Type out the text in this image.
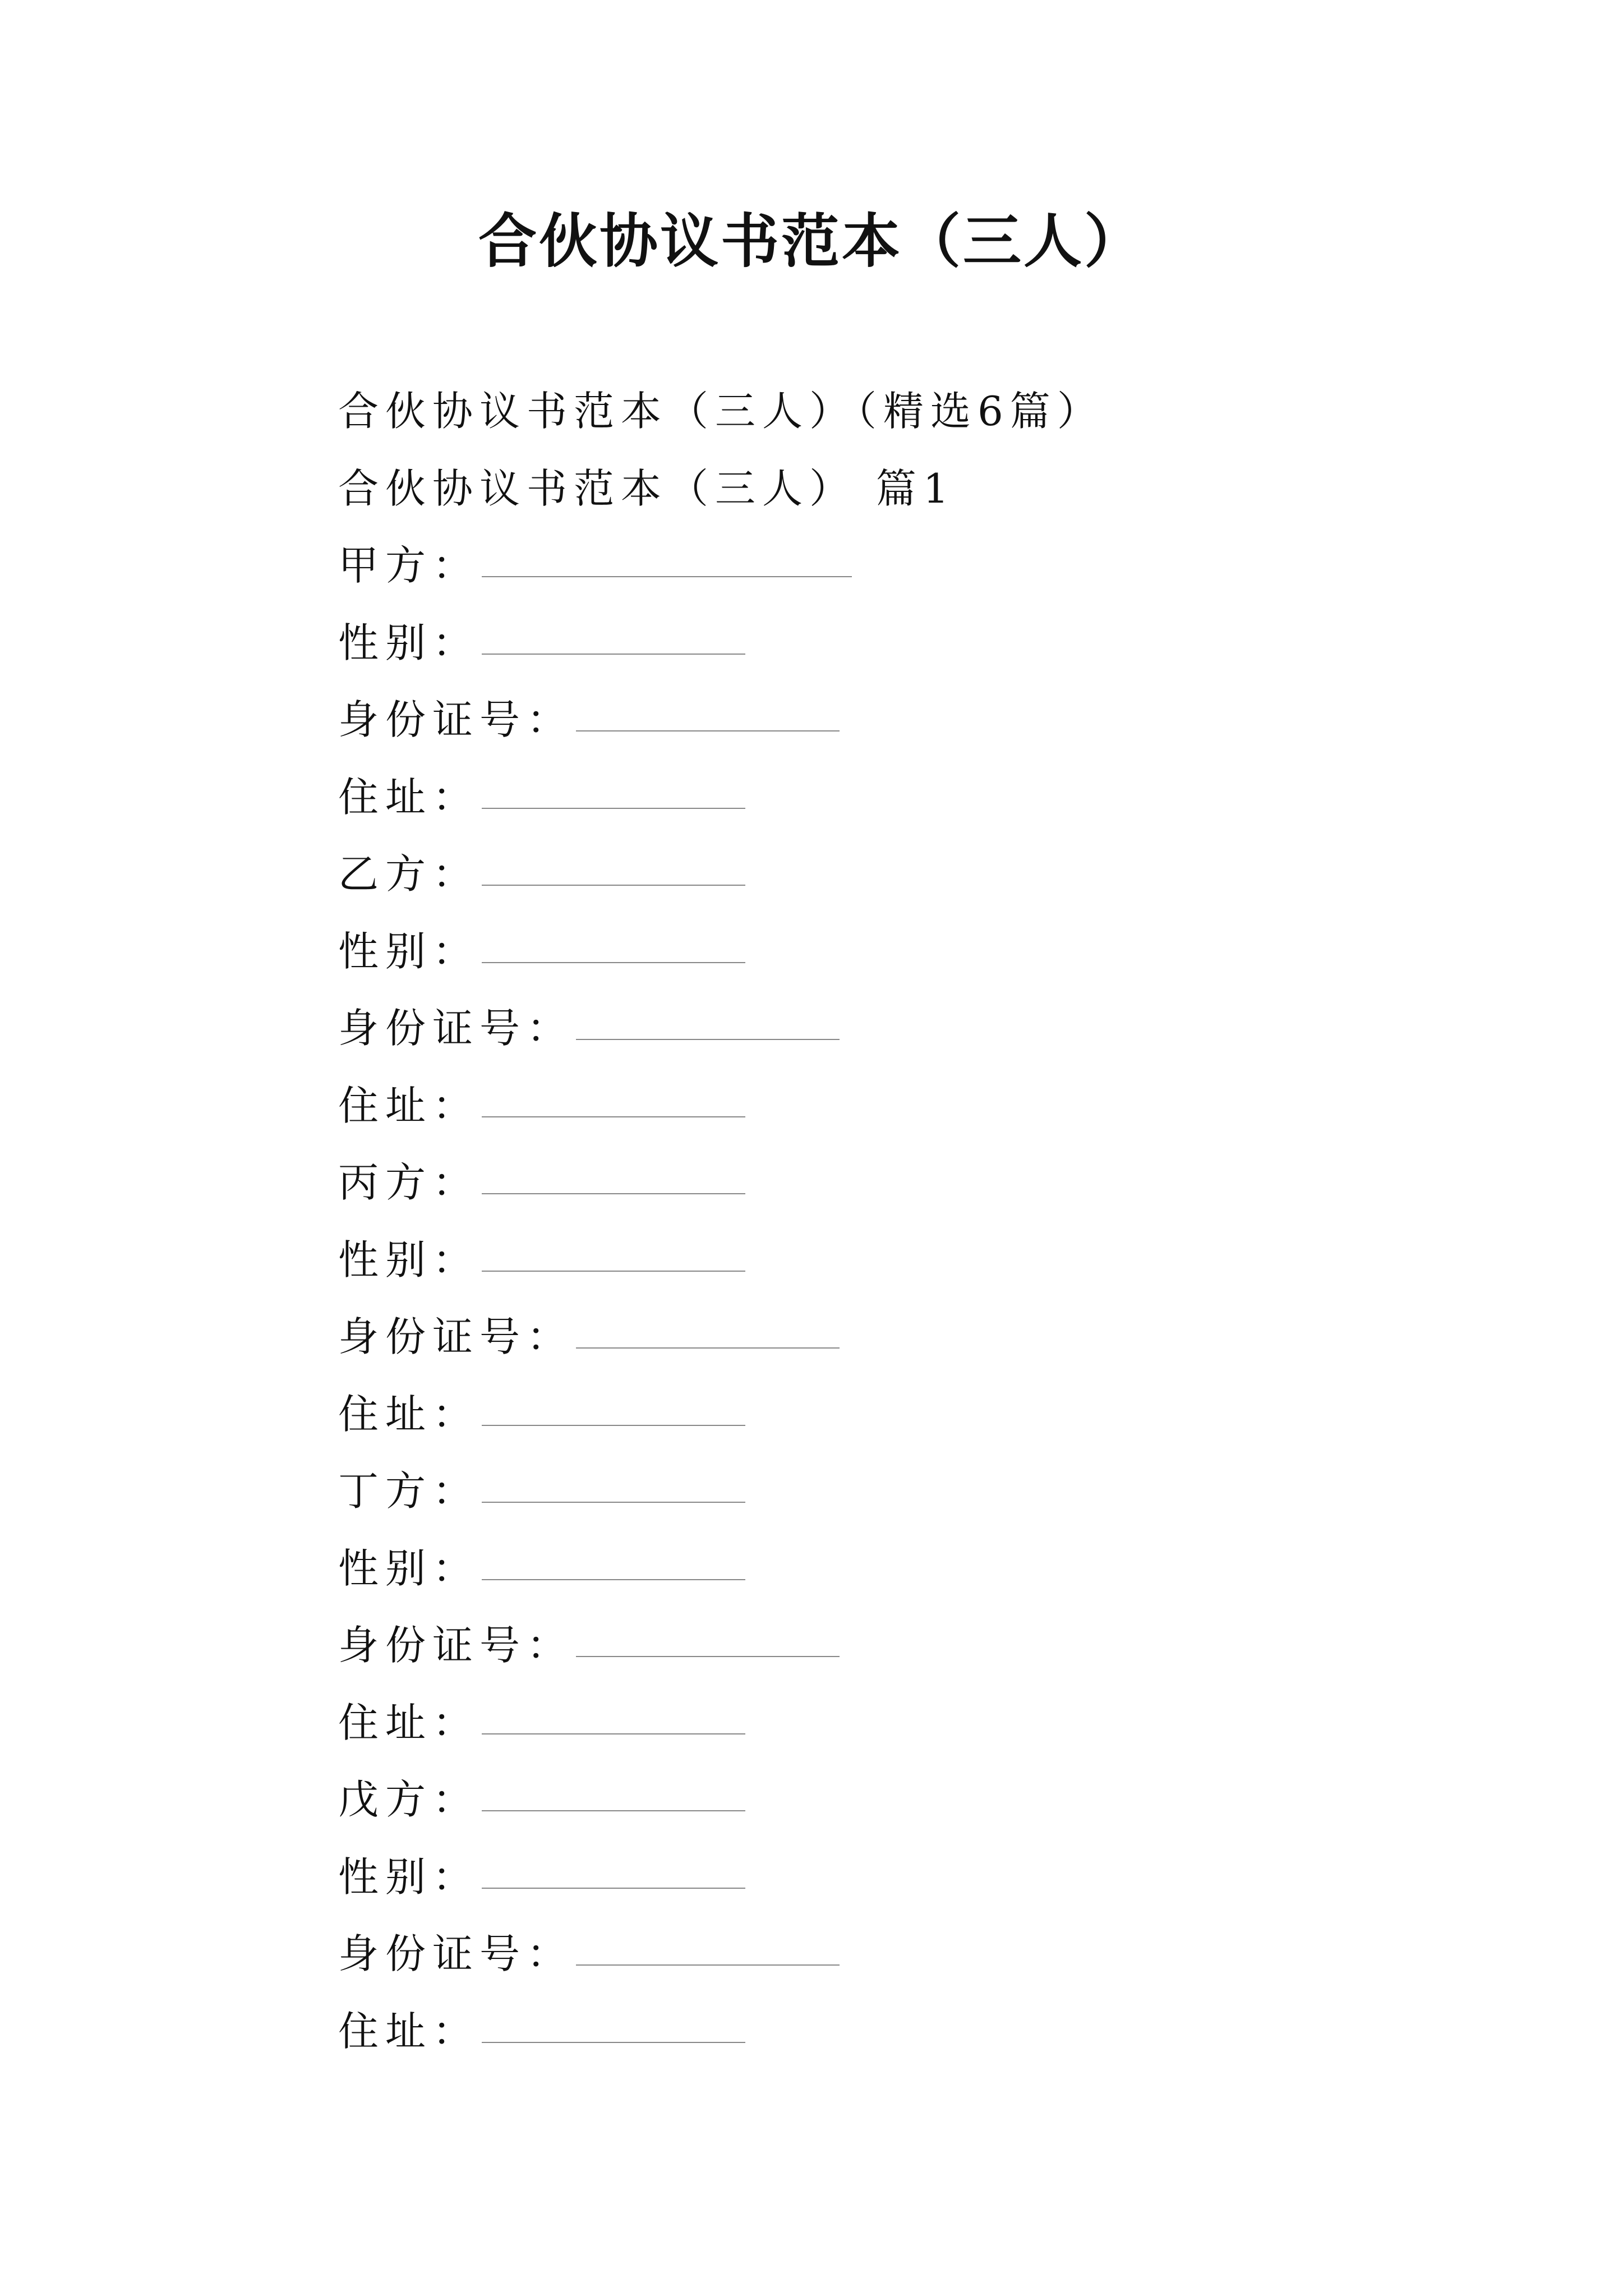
合伙协议书范本（三人）
合伙协议书范本（三人）（精选6篇）
合伙协议书范本（三人） 篇1
甲方：
性别：
身份证号：
住址：
乙方：
性别：
身份证号：
住址：
丙方：
性别：
身份证号：
住址：
丁方：
性别：
身份证号：
住址：
戊方：
性别：
身份证号：
住址：
